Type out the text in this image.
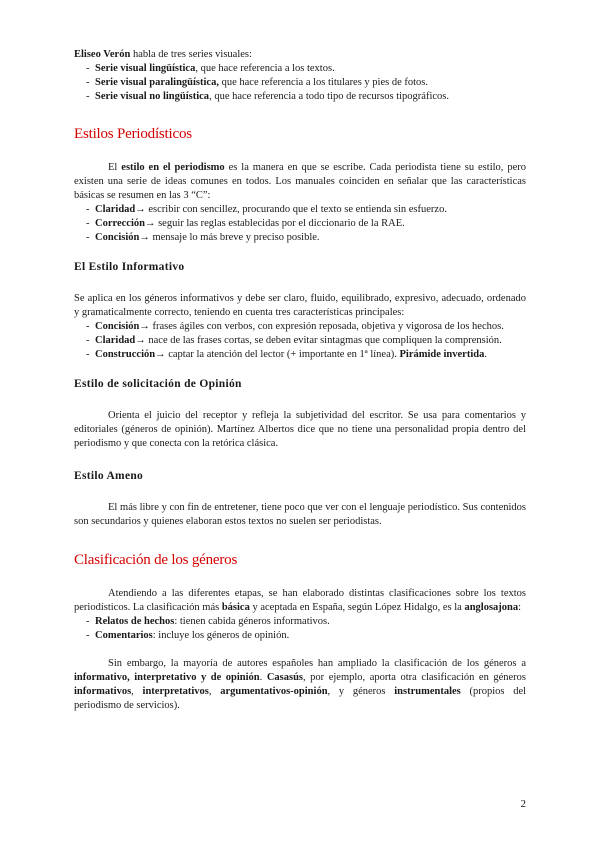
Eliseo Verón habla de tres series visuales:

- Serie visual lingüística, que hace referencia a los textos.
- Serie visual paralingüística, que hace referencia a los titulares y pies de fotos.
- Serie visual no lingüística, que hace referencia a todo tipo de recursos tipográficos.
Estilos Periodísticos

El estilo en el periodismo es la manera en que se escribe. Cada periodista tiene su estilo, pero existen una serie de ideas comunes en todos. Los manuales coinciden en señalar que las características básicas se resumen en las 3 “C”:

- Claridad→ escribir con sencillez, procurando que el texto se entienda sin esfuerzo.
- Corrección→ seguir las reglas establecidas por el diccionario de la RAE.
- Concisión→ mensaje lo más breve y preciso posible.
El Estilo Informativo

Se aplica en los géneros informativos y debe ser claro, fluido, equilibrado, expresivo, adecuado, ordenado y gramaticalmente correcto, teniendo en cuenta tres características principales:

- Concisión→ frases ágiles con verbos, con expresión reposada, objetiva y vigorosa de los hechos.
- Claridad→ nace de las frases cortas, se deben evitar sintagmas que compliquen la comprensión.
- Construcción→ captar la atención del lector (+ importante en 1ª línea). Pirámide invertida.
Estilo de solicitación de Opinión

Orienta el juicio del receptor y refleja la subjetividad del escritor. Se usa para comentarios y editoriales (géneros de opinión). Martínez Albertos dice que no tiene una personalidad propia dentro del periodismo y que conecta con la retórica clásica.

Estilo Ameno

El más libre y con fin de entretener, tiene poco que ver con el lenguaje periodístico. Sus contenidos son secundarios y quienes elaboran estos textos no suelen ser periodistas.

Clasificación de los géneros

Atendiendo a las diferentes etapas, se han elaborado distintas clasificaciones sobre los textos periodísticos. La clasificación más básica y aceptada en España, según López Hidalgo, es la anglosajona:

- Relatos de hechos: tienen cabida géneros informativos.
- Comentarios: incluye los géneros de opinión.

Sin embargo, la mayoría de autores españoles han ampliado la clasificación de los géneros a informativo, interpretativo y de opinión. Casasús, por ejemplo, aporta otra clasificación en géneros informativos, interpretativos, argumentativos-opinión, y géneros instrumentales (propios del periodismo de servicios).

2
